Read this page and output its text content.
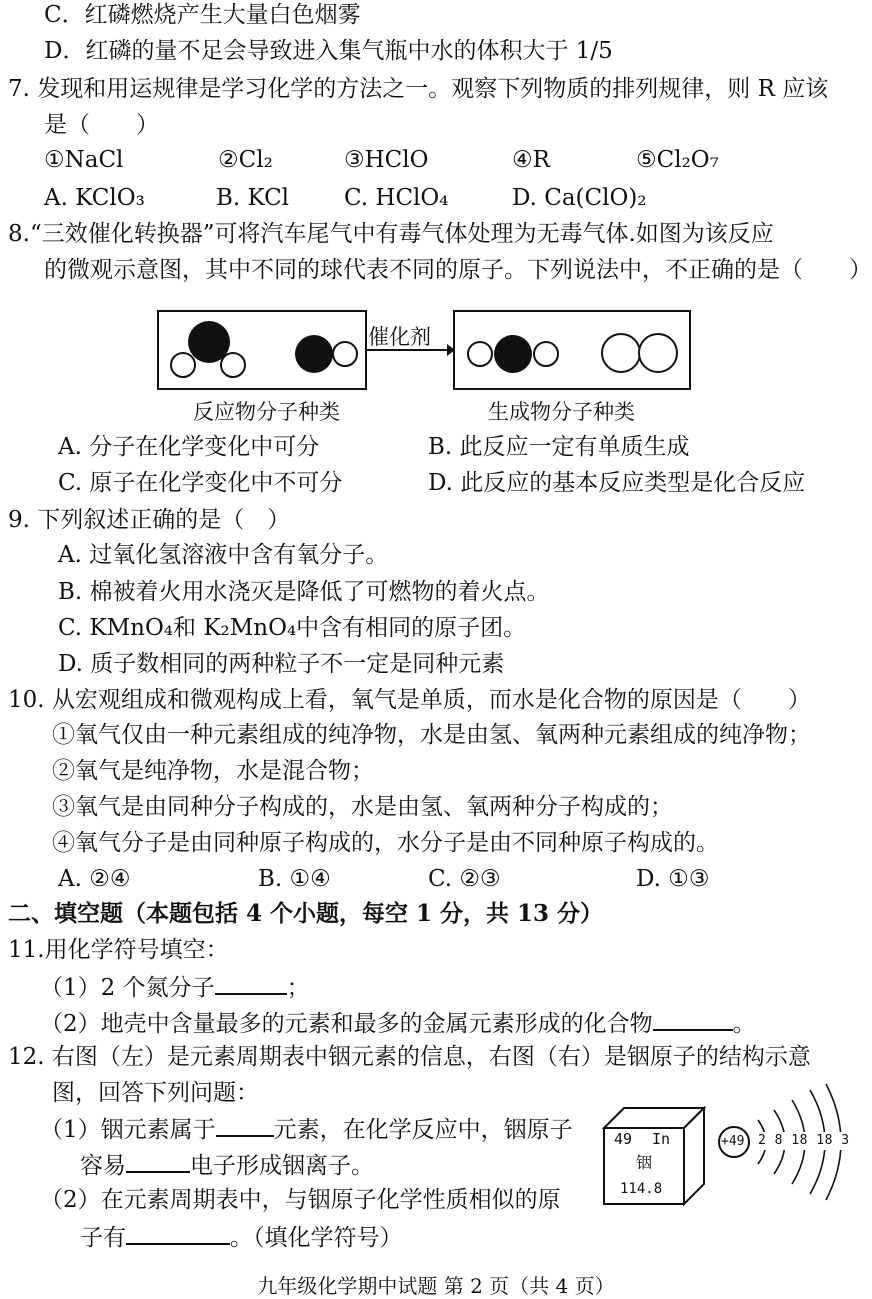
C．红磷燃烧产生大量白色烟雾
D．红磷的量不足会导致进入集气瓶中水的体积大于 1/5
7. 发现和用运规律是学习化学的方法之一。观察下列物质的排列规律，则 R 应该
是（　　）
①NaCl	②Cl₂	③HClO	④R	⑤Cl₂O₇
A. KClO₃	B. KCl C. HClO₄	D. Ca(ClO)₂
8.“三效催化转换器”可将汽车尾气中有毒气体处理为无毒气体.如图为该反应
的微观示意图，其中不同的球代表不同的原子。下列说法中，不正确的是（　　）
催化剂
反应物分子种类	生成物分子种类
A. 分子在化学变化中可分	B. 此反应一定有单质生成
C. 原子在化学变化中不可分	D. 此反应的基本反应类型是化合反应
9. 下列叙述正确的是（　）
A. 过氧化氢溶液中含有氧分子。
B. 棉被着火用水浇灭是降低了可燃物的着火点。
C. KMnO₄和 K₂MnO₄中含有相同的原子团。
D. 质子数相同的两种粒子不一定是同种元素
10. 从宏观组成和微观构成上看，氧气是单质，而水是化合物的原因是（　　）
①氧气仅由一种元素组成的纯净物，水是由氢、氧两种元素组成的纯净物；
②氧气是纯净物，水是混合物；
③氧气是由同种分子构成的，水是由氢、氧两种分子构成的；
④氧气分子是由同种原子构成的，水分子是由不同种原子构成的。
A. ②④	B. ①④	C. ②③	D. ①③
二、填空题（本题包括 4 个小题，每空 1 分，共 13 分）
11.用化学符号填空：
（1）2 个氮分子	；
（2）地壳中含量最多的元素和最多的金属元素形成的化合物	。
12. 右图（左）是元素周期表中铟元素的信息，右图（右）是铟原子的结构示意
图，回答下列问题：
（1）铟元素属于	元素，在化学反应中，铟原子
容易	电子形成铟离子。
（2）在元素周期表中，与铟原子化学性质相似的原
子有	。（填化学符号）
49 In
铟
114.8
+49 2 8 18 18 3
九年级化学期中试题 第 2 页（共 4 页）
